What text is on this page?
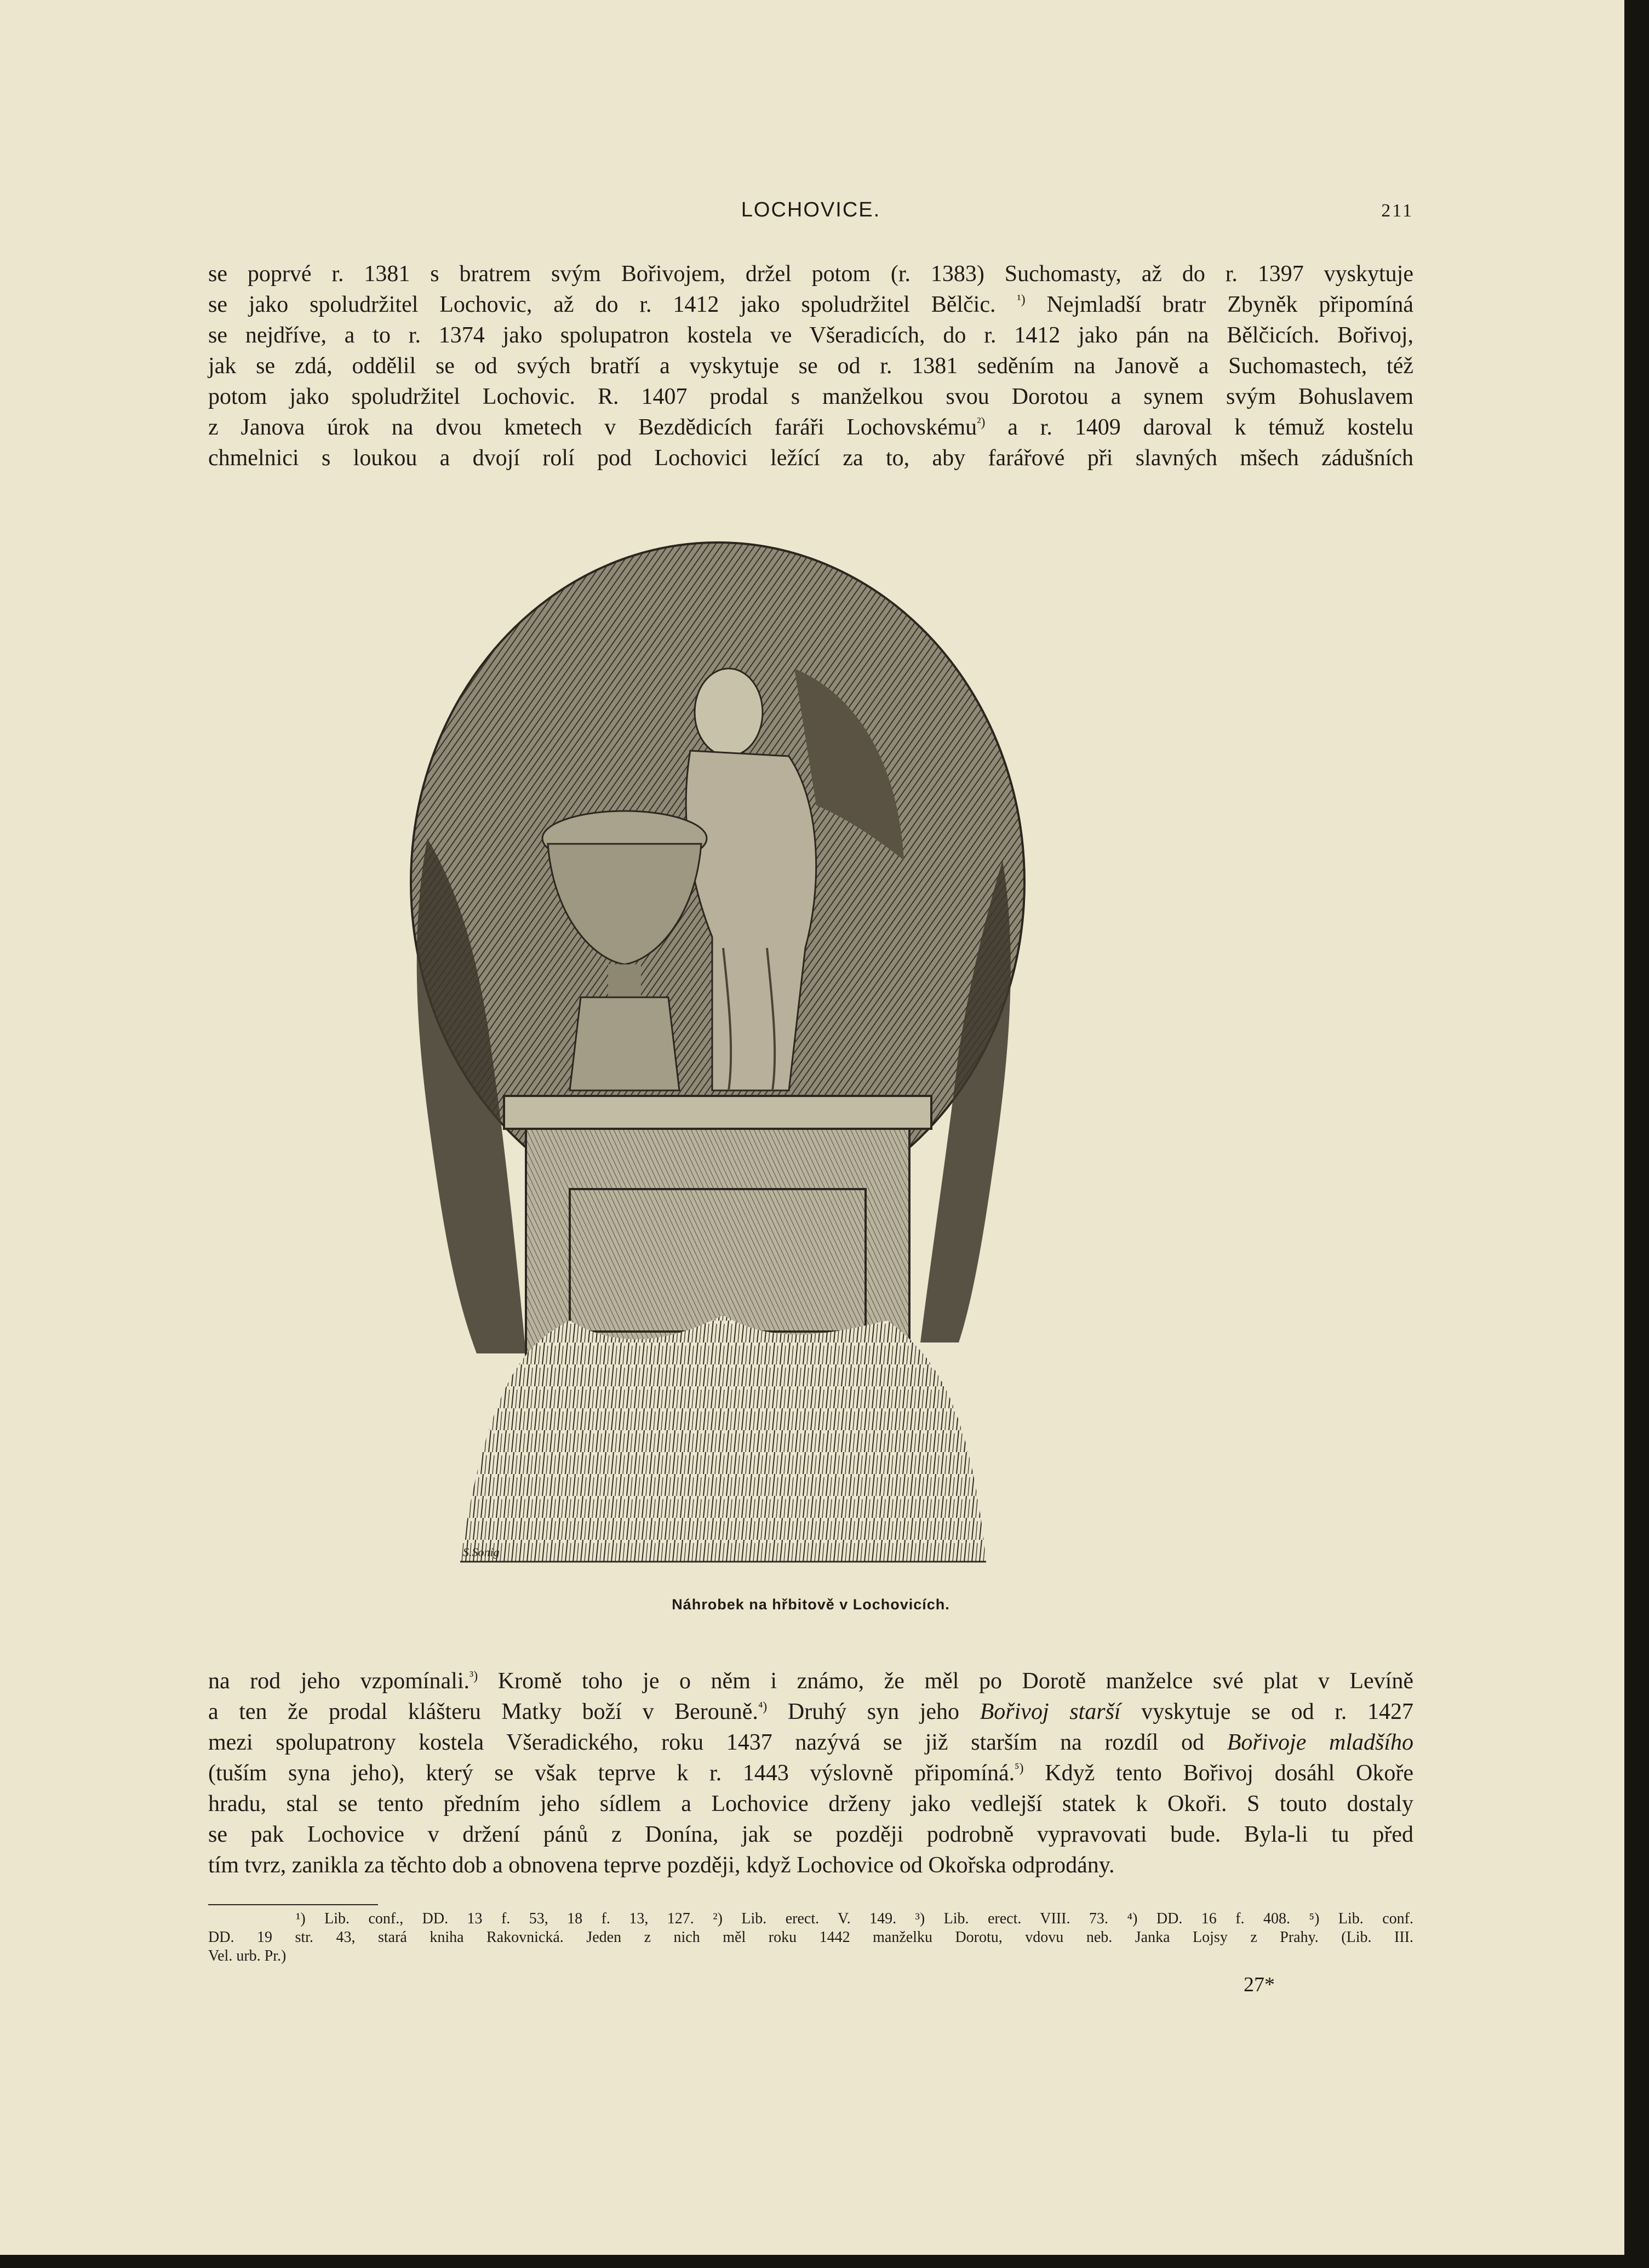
LOCHOVICE.	211
se poprvé r. 1381 s bratrem svým Bořivojem, držel potom (r. 1383) Suchomasty, až do r. 1397 vyskytuje
se jako spoludržitel Lochovic, až do r. 1412 jako spoludržitel Bělčic. $^{^1)}$ Nejmladší bratr Zbyněk připomíná
se nejdříve, a to r. 1374 jako spolupatron kostela ve Všeradicích, do r. 1412 jako pán na Bělčicích. Bořivoj,
jak se zdá, oddělil se od svých bratří a vyskytuje se od r. 1381 seděním na Janově a Suchomastech, též
potom jako spoludržitel Lochovic. R. 1407 prodal s manželkou svou Dorotou a synem svým Bohuslavem
z Janova úrok na dvou kmetech v Bezdědicích faráři Lochovskému$^{^2)}$ a r. 1409 daroval k témuž kostelu
chmelnici s loukou a dvojí rolí pod Lochovici ležící za to, aby farářové při slavných mšech zádušních
S.Sonig
Náhrobek na hřbitově v Lochovicích.
na rod jeho vzpomínali.$^{^3)}$ Kromě toho je o něm i známo, že měl po Dorotě manželce své plat v Levíně
a ten že prodal klášteru Matky boží v Berouně.$^{^4)}$ Druhý syn jeho Bořivoj starší vyskytuje se od r. 1427
mezi spolupatrony kostela Všeradického, roku 1437 nazývá se již starším na rozdíl od Bořivoje mladšího
(tuším syna jeho), který se však teprve k r. 1443 výslovně připomíná.$^{^5)}$ Když tento Bořivoj dosáhl Okoře
hradu, stal se tento předním jeho sídlem a Lochovice drženy jako vedlejší statek k Okoři. S touto dostaly
se pak Lochovice v držení pánů z Donína, jak se později podrobně vypravovati bude. Byla-li tu před
tím tvrz, zanikla za těchto dob a obnovena teprve později, když Lochovice od Okořska odprodány.
¹) Lib. conf., DD. 13 f. 53, 18 f. 13, 127. ²) Lib. erect. V. 149. ³) Lib. erect. VIII. 73. ⁴) DD. 16 f. 408. ⁵) Lib. conf.
DD. 19 str. 43, stará kniha Rakovnická. Jeden z nich měl roku 1442 manželku Dorotu, vdovu neb. Janka Lojsy z Prahy. (Lib. III.
Vel. urb. Pr.)
27*
